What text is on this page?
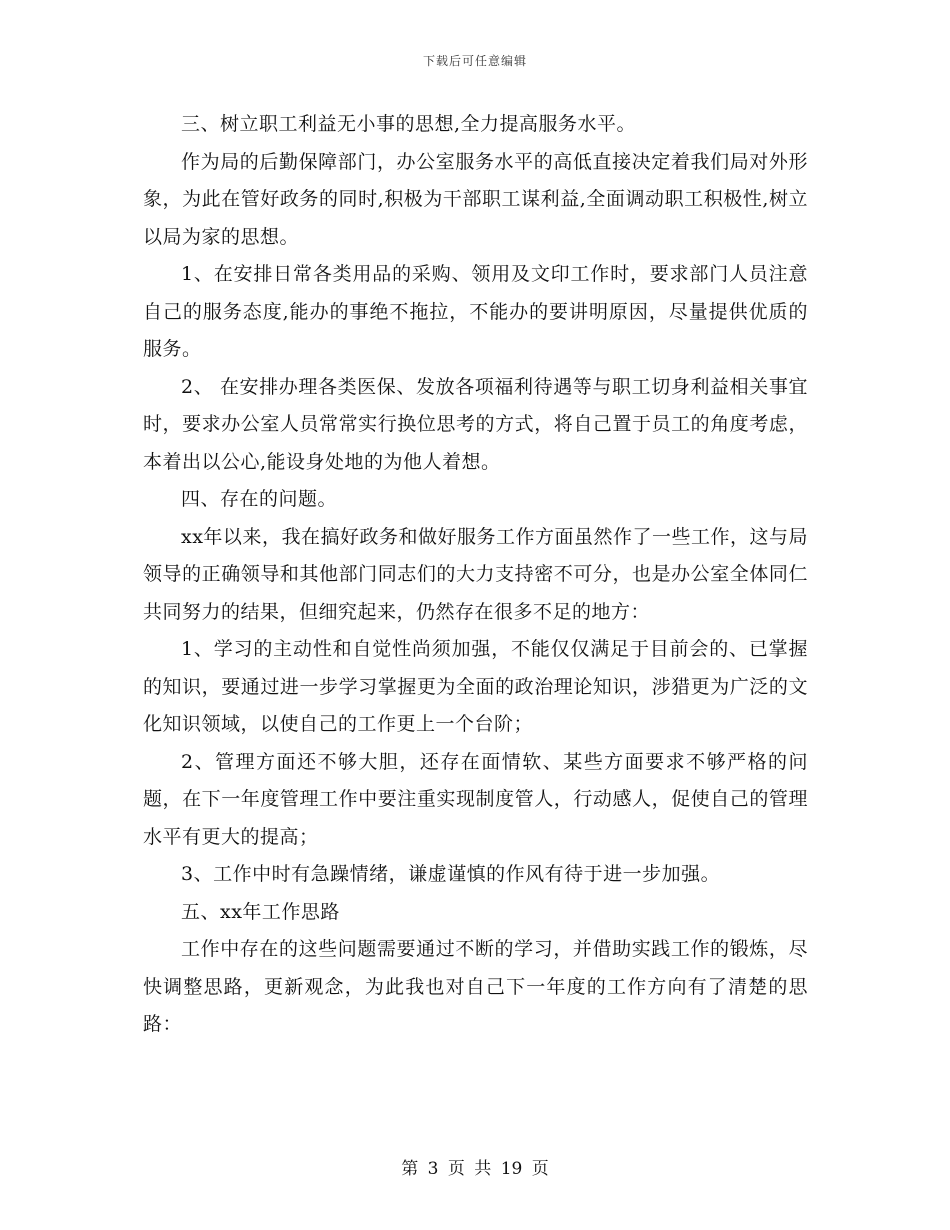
下载后可任意编辑

三、树立职工利益无小事的思想,全力提高服务水平。

作为局的后勤保障部门，办公室服务水平的高低直接决定着我们局对外形象，为此在管好政务的同时,积极为干部职工谋利益,全面调动职工积极性,树立以局为家的思想。

1、在安排日常各类用品的采购、领用及文印工作时，要求部门人员注意自己的服务态度,能办的事绝不拖拉，不能办的要讲明原因，尽量提供优质的服务。

2、 在安排办理各类医保、发放各项福利待遇等与职工切身利益相关事宜时，要求办公室人员常常实行换位思考的方式，将自己置于员工的角度考虑，本着出以公心,能设身处地的为他人着想。

四、存在的问题。

xx年以来，我在搞好政务和做好服务工作方面虽然作了一些工作，这与局领导的正确领导和其他部门同志们的大力支持密不可分，也是办公室全体同仁共同努力的结果，但细究起来，仍然存在很多不足的地方：

1、学习的主动性和自觉性尚须加强，不能仅仅满足于目前会的、已掌握的知识，要通过进一步学习掌握更为全面的政治理论知识，涉猎更为广泛的文化知识领域，以使自己的工作更上一个台阶；

2、管理方面还不够大胆，还存在面情软、某些方面要求不够严格的问题，在下一年度管理工作中要注重实现制度管人，行动感人，促使自己的管理水平有更大的提高；

3、工作中时有急躁情绪，谦虚谨慎的作风有待于进一步加强。

五、xx年工作思路

工作中存在的这些问题需要通过不断的学习，并借助实践工作的锻炼，尽快调整思路，更新观念，为此我也对自己下一年度的工作方向有了清楚的思路：

第 3 页 共 19 页
